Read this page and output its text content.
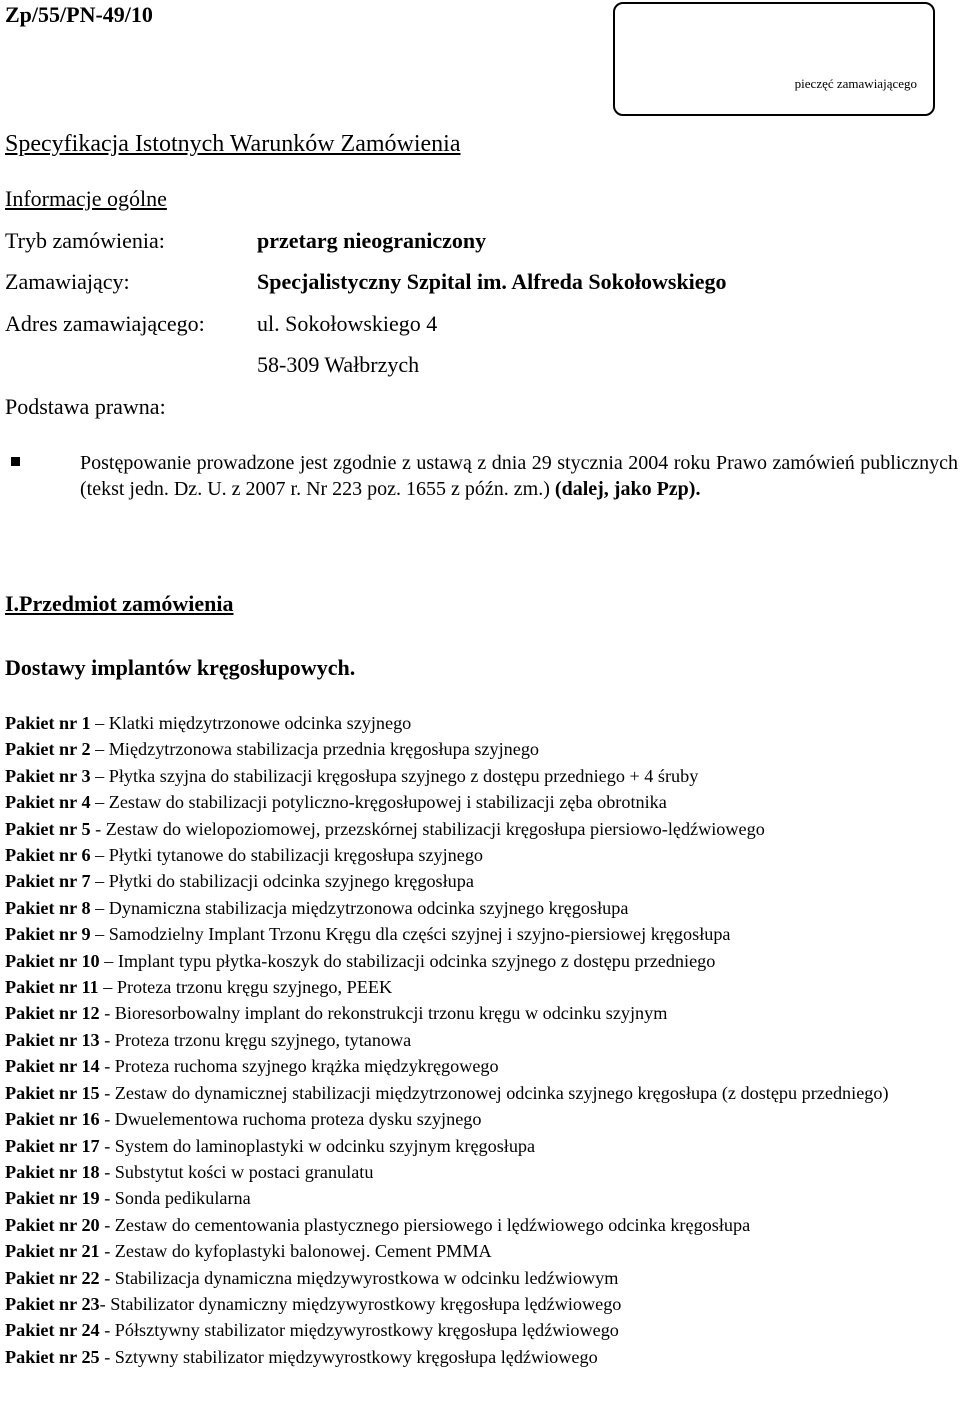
Zp/55/PN-49/10
pieczęć zamawiającego
Specyfikacja Istotnych Warunków Zamówienia
Informacje ogólne
Tryb zamówienia:	przetarg nieograniczony
Zamawiający:	Specjalistyczny Szpital im. Alfreda Sokołowskiego
Adres zamawiającego: ul. Sokołowskiego 4
58-309 Wałbrzych
Podstawa prawna:
Postępowanie prowadzone jest zgodnie z ustawą z dnia 29 stycznia 2004 roku Prawo zamówień publicznych (tekst jedn. Dz. U. z 2007 r. Nr 223 poz. 1655 z późn. zm.) (dalej, jako Pzp).
I.Przedmiot zamówienia
Dostawy implantów kręgosłupowych.
Pakiet nr 1 – Klatki międzytrzonowe odcinka szyjnego
Pakiet nr 2 – Międzytrzonowa stabilizacja przednia kręgosłupa szyjnego
Pakiet nr 3 – Płytka szyjna do stabilizacji kręgosłupa szyjnego z dostępu przedniego + 4 śruby
Pakiet nr 4 – Zestaw do stabilizacji potyliczno-kręgosłupowej i stabilizacji zęba obrotnika
Pakiet nr 5 - Zestaw do wielopoziomowej, przezskórnej stabilizacji kręgosłupa piersiowo-lędźwiowego
Pakiet nr 6 – Płytki tytanowe do stabilizacji kręgosłupa szyjnego
Pakiet nr 7 – Płytki do stabilizacji odcinka szyjnego kręgosłupa
Pakiet nr 8 – Dynamiczna stabilizacja międzytrzonowa odcinka szyjnego kręgosłupa
Pakiet nr 9 – Samodzielny Implant Trzonu Kręgu dla części szyjnej i szyjno-piersiowej kręgosłupa
Pakiet nr 10 – Implant typu płytka-koszyk do stabilizacji odcinka szyjnego z dostępu przedniego
Pakiet nr 11 – Proteza trzonu kręgu szyjnego, PEEK
Pakiet nr 12 - Bioresorbowalny implant do rekonstrukcji trzonu kręgu w odcinku szyjnym
Pakiet nr 13 - Proteza trzonu kręgu szyjnego, tytanowa
Pakiet nr 14 - Proteza ruchoma szyjnego krążka międzykręgowego
Pakiet nr 15 - Zestaw do dynamicznej stabilizacji międzytrzonowej odcinka szyjnego kręgosłupa (z dostępu przedniego)
Pakiet nr 16 - Dwuelementowa ruchoma proteza dysku szyjnego
Pakiet nr 17 - System do laminoplastyki w odcinku szyjnym kręgosłupa
Pakiet nr 18 - Substytut kości w postaci granulatu
Pakiet nr 19 - Sonda pedikularna
Pakiet nr 20 - Zestaw do cementowania plastycznego piersiowego i lędźwiowego odcinka kręgosłupa
Pakiet nr 21 - Zestaw do kyfoplastyki balonowej. Cement PMMA
Pakiet nr 22 - Stabilizacja dynamiczna międzywyrostkowa w odcinku ledźwiowym
Pakiet nr 23- Stabilizator dynamiczny międzywyrostkowy kręgosłupa lędźwiowego
Pakiet nr 24 - Półsztywny stabilizator międzywyrostkowy kręgosłupa lędźwiowego
Pakiet nr 25 - Sztywny stabilizator międzywyrostkowy kręgosłupa lędźwiowego
